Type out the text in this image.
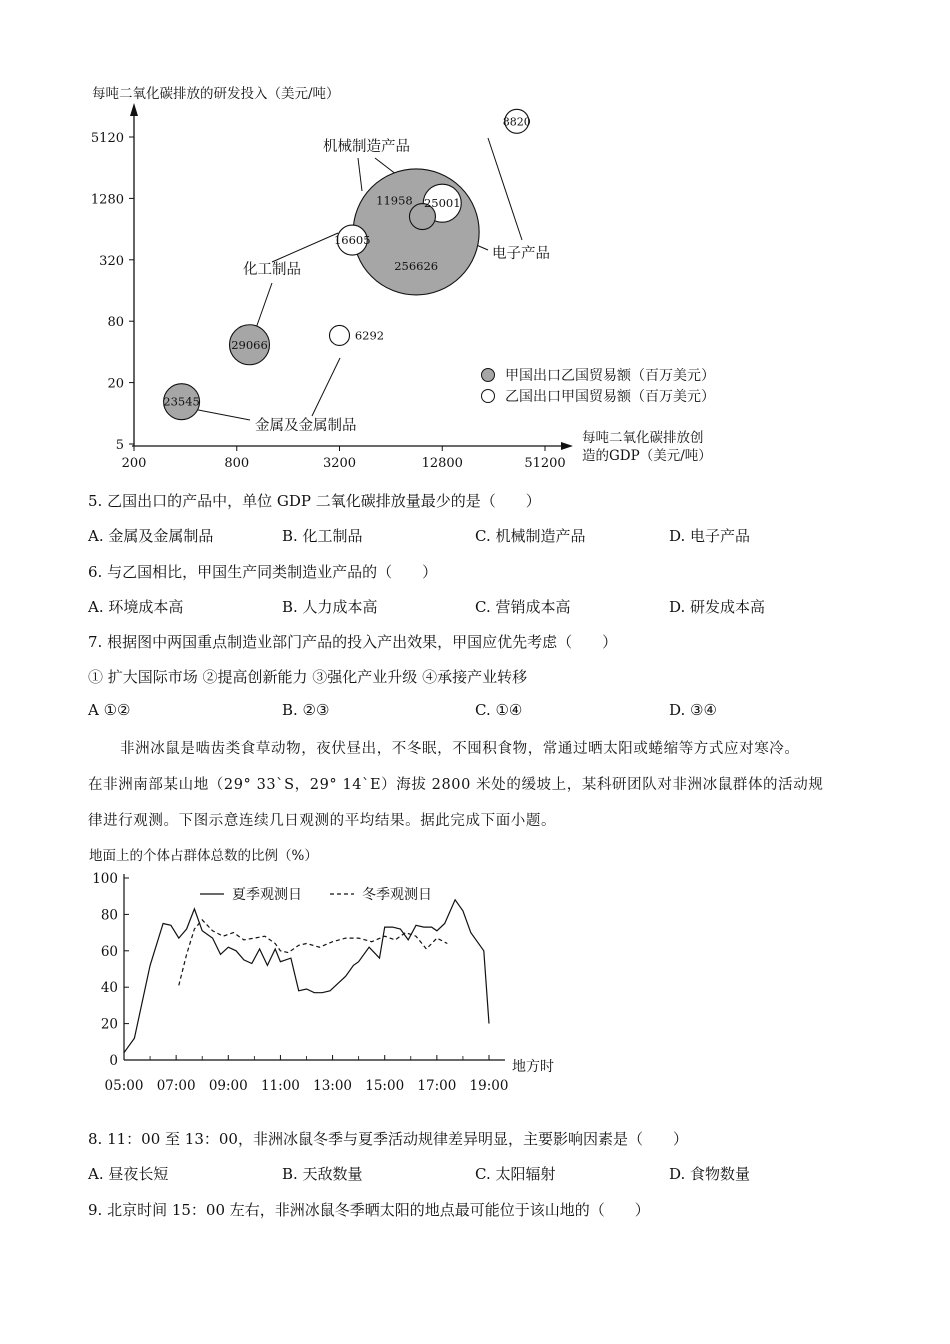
每吨二氧化碳排放的研发投入（美元/吨）
每吨二氧化碳排放创
造的GDP（美元/吨）
200	800	3200	12800	51200
5
20
80
320
1280
5120
机械制造产品
化工制品
电子产品
金属及金属制品
23545
6292
29066
16605
256626
25001
11958
8820
甲国出口乙国贸易额（百万美元）
乙国出口甲国贸易额（百万美元）
5. 乙国出口的产品中，单位 GDP 二氧化碳排放量最少的是（　　）
A. 金属及金属制品	B. 化工制品	C. 机械制造产品	D. 电子产品
6. 与乙国相比，甲国生产同类制造业产品的（　　）
A. 环境成本高	B. 人力成本高	C. 营销成本高	D. 研发成本高
7. 根据图中两国重点制造业部门产品的投入产出效果，甲国应优先考虑（　　）
① 扩大国际市场 ②提高创新能力 ③强化产业升级 ④承接产业转移
A ①②	B. ②③	C. ①④	D. ③④
非洲冰鼠是啮齿类食草动物，夜伏昼出，不冬眠，不囤积食物，常通过晒太阳或蜷缩等方式应对寒冷。
在非洲南部某山地（29° 33`S，29° 14`E）海拔 2800 米处的缓坡上，某科研团队对非洲冰鼠群体的活动规
律进行观测。下图示意连续几日观测的平均结果。据此完成下面小题。
地面上的个体占群体总数的比例（%）
地方时
0
20
40
60
80
100
05:00 07:00 09:00 11:00 13:00 15:00 17:00 19:00
夏季观测日	冬季观测日
8. 11：00 至 13：00，非洲冰鼠冬季与夏季活动规律差异明显，主要影响因素是（　　）
A. 昼夜长短	B. 天敌数量	C. 太阳辐射	D. 食物数量
9. 北京时间 15：00 左右，非洲冰鼠冬季晒太阳的地点最可能位于该山地的（　　）
